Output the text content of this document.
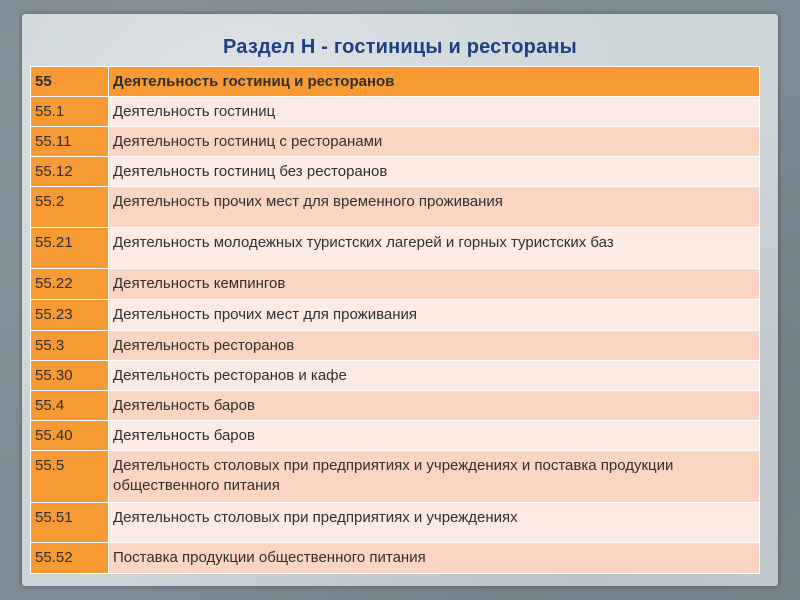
Раздел Н - гостиницы и рестораны
55	Деятельность гостиниц и ресторанов
55.1	Деятельность гостиниц
55.11	Деятельность гостиниц с ресторанами
55.12	Деятельность гостиниц без ресторанов
55.2	Деятельность прочих мест для временного проживания
55.21	Деятельность молодежных туристских лагерей и горных туристских баз
55.22	Деятельность кемпингов
55.23	Деятельность прочих мест для проживания
55.3	Деятельность ресторанов
55.30	Деятельность ресторанов и кафе
55.4	Деятельность баров
55.40	Деятельность баров
55.5	Деятельность столовых при предприятиях и учреждениях и поставка продукции общественного питания
55.51	Деятельность столовых при предприятиях и учреждениях
55.52	Поставка продукции общественного питания
